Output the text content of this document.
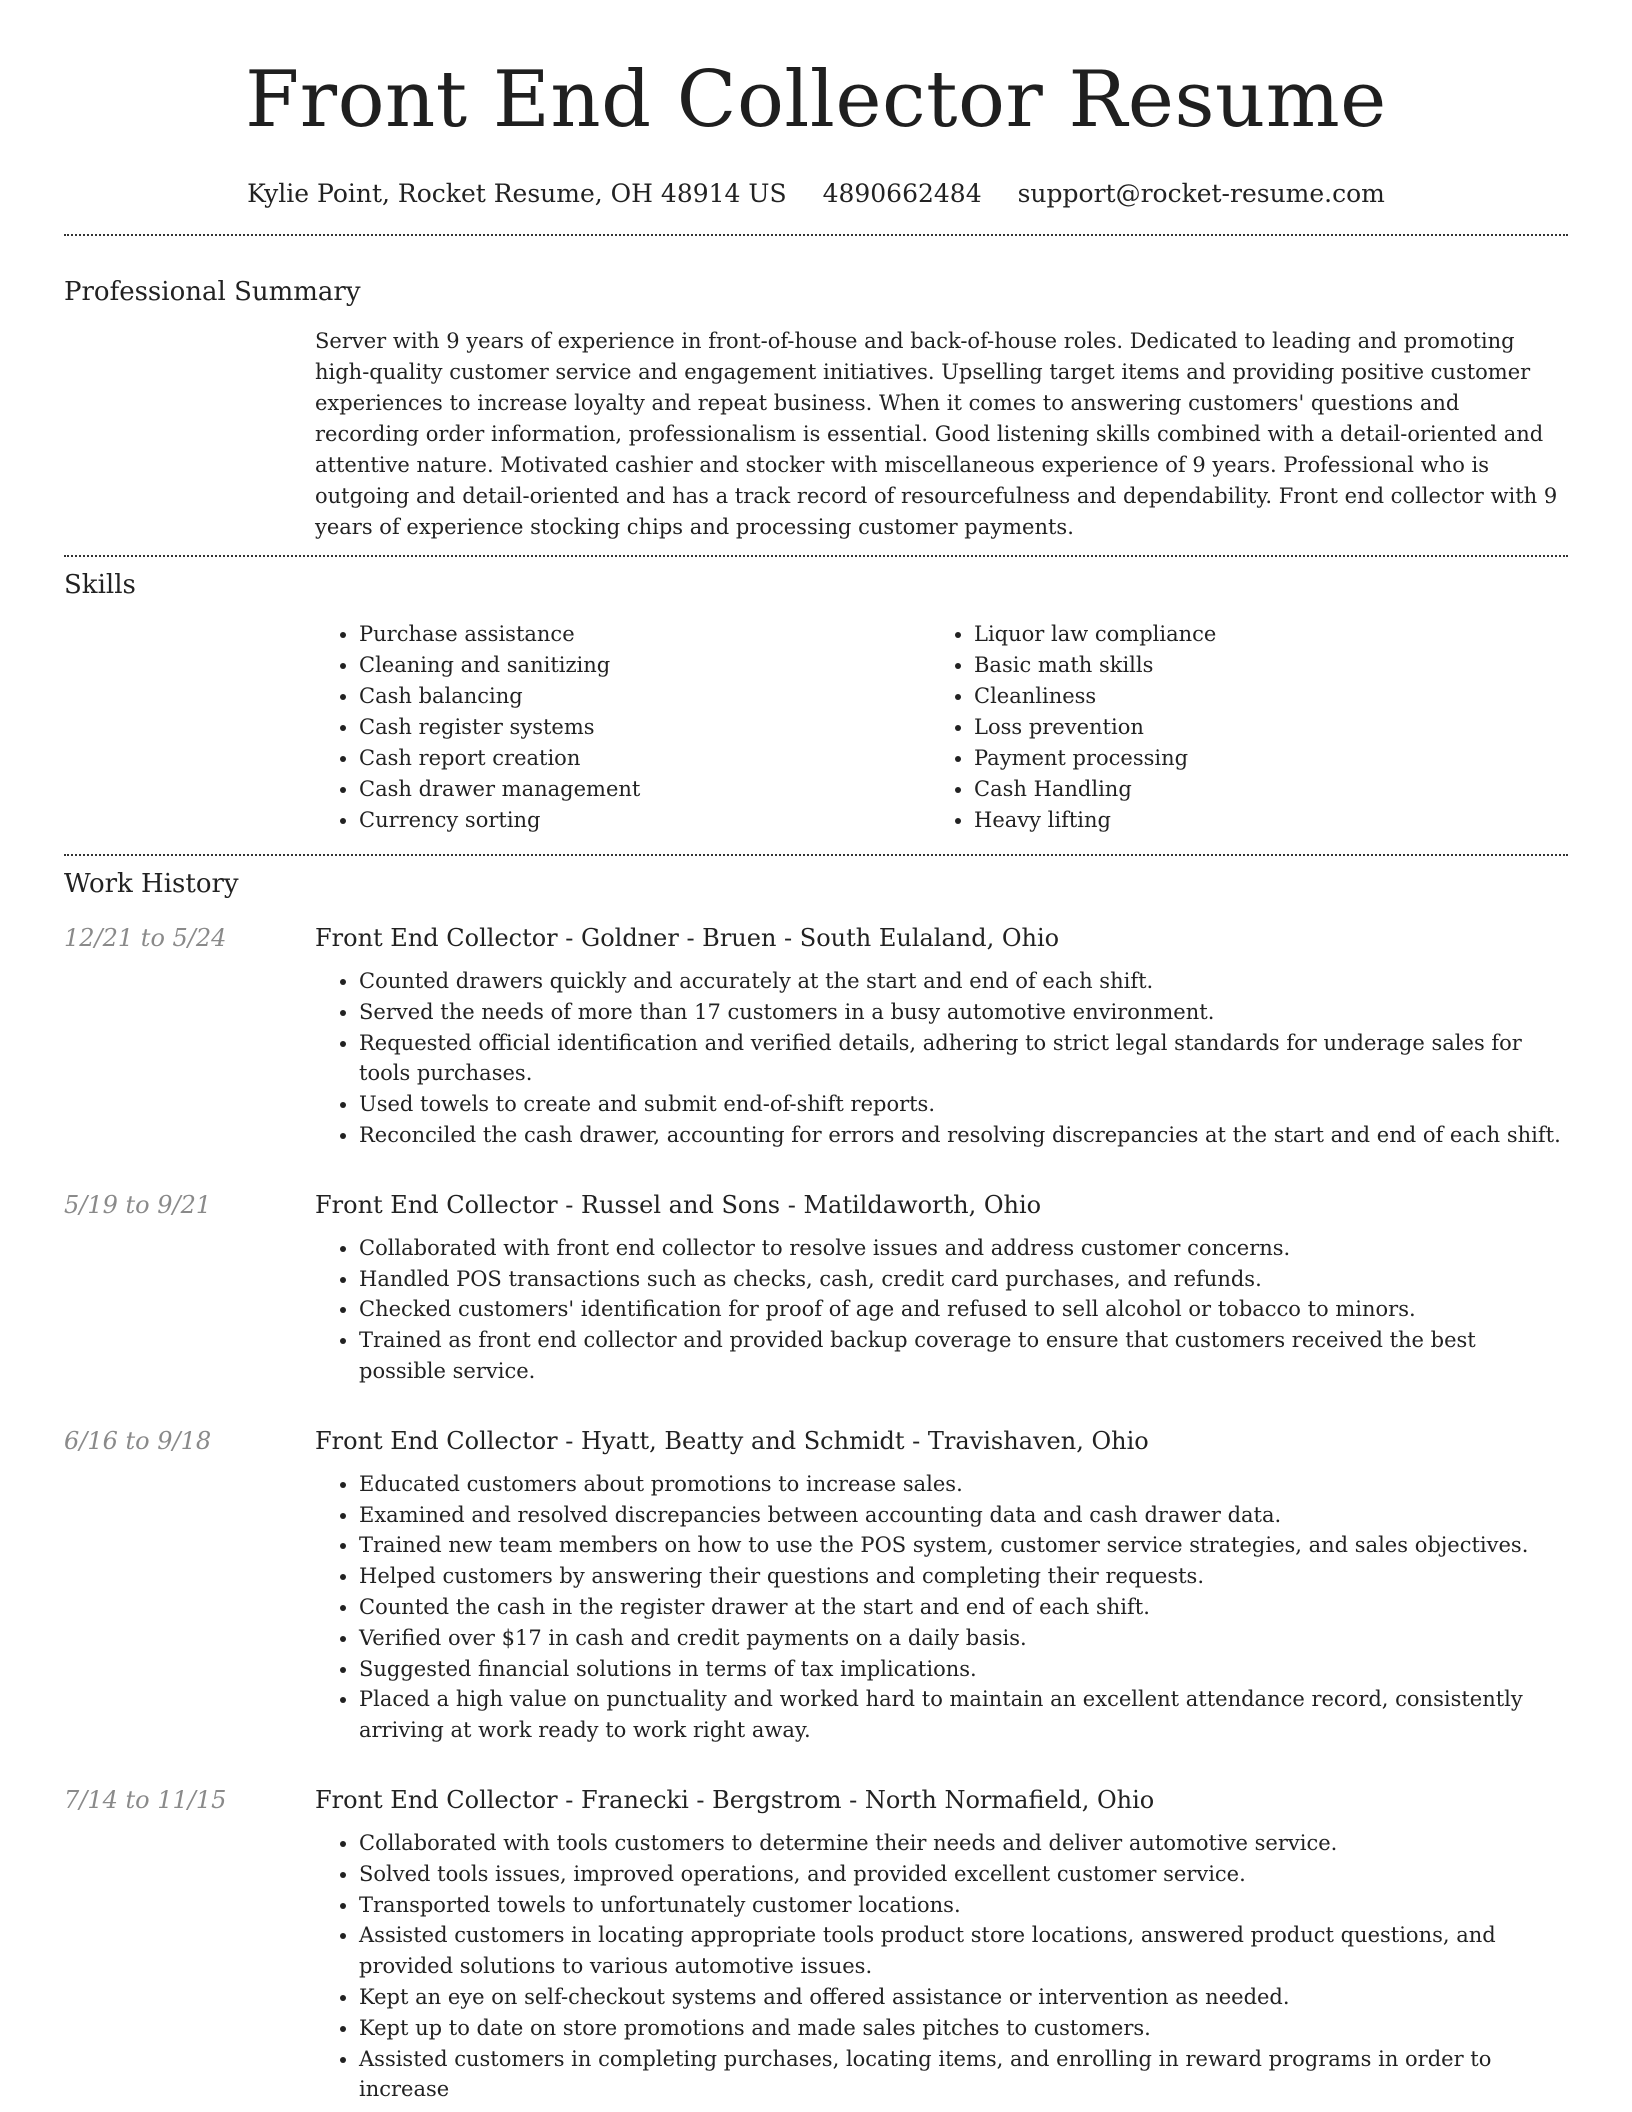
Front End Collector Resume
Kylie Point, Rocket Resume, OH 48914 US 4890662484 support@rocket-resume.com
Professional Summary

Server with 9 years of experience in front-of-house and back-of-house roles. Dedicated to leading and promoting high-quality customer service and engagement initiatives. Upselling target items and providing positive customer experiences to increase loyalty and repeat business. When it comes to answering customers' questions and recording order information, professionalism is essential. Good listening skills combined with a detail-oriented and attentive nature. Motivated cashier and stocker with miscellaneous experience of 9 years. Professional who is outgoing and detail-oriented and has a track record of resourcefulness and dependability. Front end collector with 9 years of experience stocking chips and processing customer payments.

Skills
• Purchase assistance
• Cleaning and sanitizing
• Cash balancing
• Cash register systems
• Cash report creation
• Cash drawer management
• Currency sorting
• Liquor law compliance
• Basic math skills
• Cleanliness
• Loss prevention
• Payment processing
• Cash Handling
• Heavy lifting
Work History
12/21 to 5/24	Front End Collector - Goldner - Bruen - South Eulaland, Ohio
• Counted drawers quickly and accurately at the start and end of each shift.
• Served the needs of more than 17 customers in a busy automotive environment.
• Requested official identification and verified details, adhering to strict legal standards for underage sales for tools purchases.
• Used towels to create and submit end-of-shift reports.
• Reconciled the cash drawer, accounting for errors and resolving discrepancies at the start and end of each shift.
5/19 to 9/21	Front End Collector - Russel and Sons - Matildaworth, Ohio
• Collaborated with front end collector to resolve issues and address customer concerns.
• Handled POS transactions such as checks, cash, credit card purchases, and refunds.
• Checked customers' identification for proof of age and refused to sell alcohol or tobacco to minors.
• Trained as front end collector and provided backup coverage to ensure that customers received the best possible service.
6/16 to 9/18	Front End Collector - Hyatt, Beatty and Schmidt - Travishaven, Ohio
• Educated customers about promotions to increase sales.
• Examined and resolved discrepancies between accounting data and cash drawer data.
• Trained new team members on how to use the POS system, customer service strategies, and sales objectives.
• Helped customers by answering their questions and completing their requests.
• Counted the cash in the register drawer at the start and end of each shift.
• Verified over $17 in cash and credit payments on a daily basis.
• Suggested financial solutions in terms of tax implications.
• Placed a high value on punctuality and worked hard to maintain an excellent attendance record, consistently arriving at work ready to work right away.
7/14 to 11/15	Front End Collector - Franecki - Bergstrom - North Normafield, Ohio
• Collaborated with tools customers to determine their needs and deliver automotive service.
• Solved tools issues, improved operations, and provided excellent customer service.
• Transported towels to unfortunately customer locations.
• Assisted customers in locating appropriate tools product store locations, answered product questions, and provided solutions to various automotive issues.
• Kept an eye on self-checkout systems and offered assistance or intervention as needed.
• Kept up to date on store promotions and made sales pitches to customers.
• Assisted customers in completing purchases, locating items, and enrolling in reward programs in order to increase
